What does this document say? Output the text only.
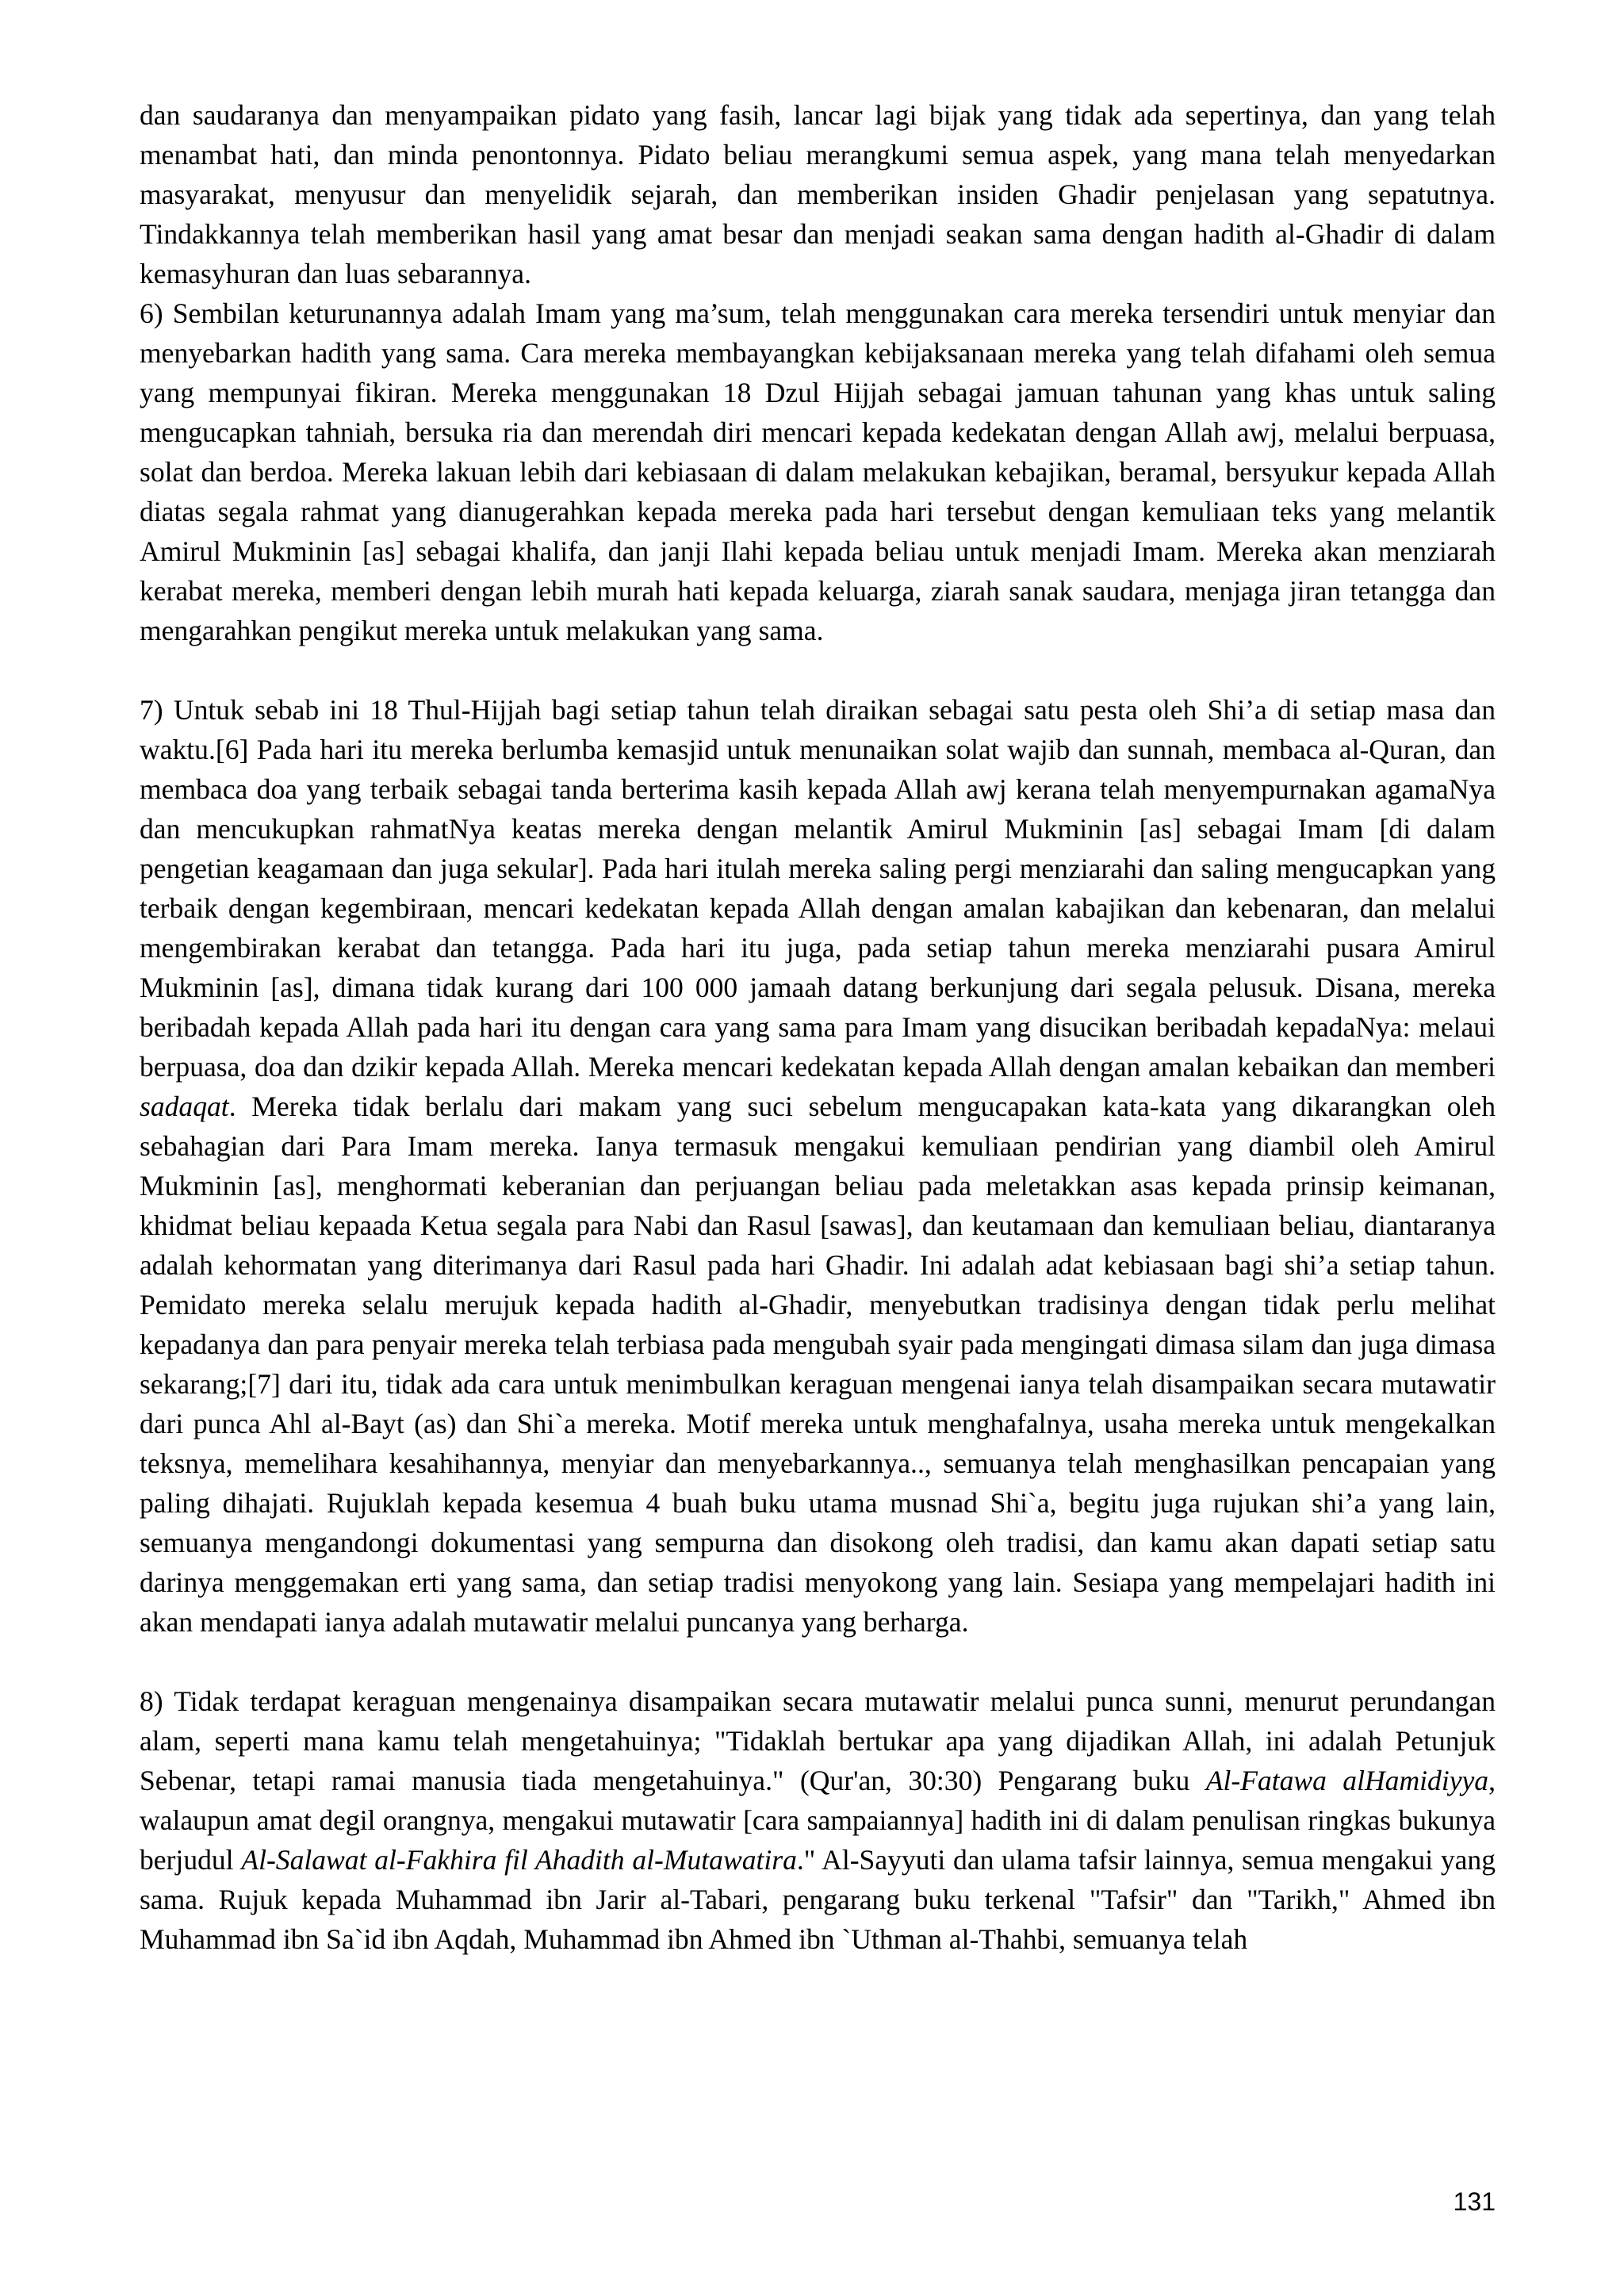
dan saudaranya dan menyampaikan pidato yang fasih, lancar lagi bijak yang tidak ada sepertinya, dan yang telah menambat hati, dan minda penontonnya. Pidato beliau merangkumi semua aspek, yang mana telah menyedarkan masyarakat, menyusur dan menyelidik sejarah, dan memberikan insiden Ghadir penjelasan yang sepatutnya. Tindakkannya telah memberikan hasil yang amat besar dan menjadi seakan sama dengan hadith al-Ghadir di dalam kemasyhuran dan luas sebarannya.

6) Sembilan keturunannya adalah Imam yang ma’sum, telah menggunakan cara mereka tersendiri untuk menyiar dan menyebarkan hadith yang sama. Cara mereka membayangkan kebijaksanaan mereka yang telah difahami oleh semua yang mempunyai fikiran. Mereka menggunakan 18 Dzul Hijjah sebagai jamuan tahunan yang khas untuk saling mengucapkan tahniah, bersuka ria dan merendah diri mencari kepada kedekatan dengan Allah awj, melalui berpuasa, solat dan berdoa. Mereka lakuan lebih dari kebiasaan di dalam melakukan kebajikan, beramal, bersyukur kepada Allah diatas segala rahmat yang dianugerahkan kepada mereka pada hari tersebut dengan kemuliaan teks yang melantik Amirul Mukminin [as] sebagai khalifa, dan janji Ilahi kepada beliau untuk menjadi Imam. Mereka akan menziarah kerabat mereka, memberi dengan lebih murah hati kepada keluarga, ziarah sanak saudara, menjaga jiran tetangga dan mengarahkan pengikut mereka untuk melakukan yang sama.

7) Untuk sebab ini 18 Thul-Hijjah bagi setiap tahun telah diraikan sebagai satu pesta oleh Shi’a di setiap masa dan waktu.[6] Pada hari itu mereka berlumba kemasjid untuk menunaikan solat wajib dan sunnah, membaca al-Quran, dan membaca doa yang terbaik sebagai tanda berterima kasih kepada Allah awj kerana telah menyempurnakan agamaNya dan mencukupkan rahmatNya keatas mereka dengan melantik Amirul Mukminin [as] sebagai Imam [di dalam pengetian keagamaan dan juga sekular]. Pada hari itulah mereka saling pergi menziarahi dan saling mengucapkan yang terbaik dengan kegembiraan, mencari kedekatan kepada Allah dengan amalan kabajikan dan kebenaran, dan melalui mengembirakan kerabat dan tetangga. Pada hari itu juga, pada setiap tahun mereka menziarahi pusara Amirul Mukminin [as], dimana tidak kurang dari 100 000 jamaah datang berkunjung dari segala pelusuk. Disana, mereka beribadah kepada Allah pada hari itu dengan cara yang sama para Imam yang disucikan beribadah kepadaNya: melaui berpuasa, doa dan dzikir kepada Allah. Mereka mencari kedekatan kepada Allah dengan amalan kebaikan dan memberi sadaqat. Mereka tidak berlalu dari makam yang suci sebelum mengucapakan kata-kata yang dikarangkan oleh sebahagian dari Para Imam mereka. Ianya termasuk mengakui kemuliaan pendirian yang diambil oleh Amirul Mukminin [as], menghormati keberanian dan perjuangan beliau pada meletakkan asas kepada prinsip keimanan, khidmat beliau kepaada Ketua segala para Nabi dan Rasul [sawas], dan keutamaan dan kemuliaan beliau, diantaranya adalah kehormatan yang diterimanya dari Rasul pada hari Ghadir. Ini adalah adat kebiasaan bagi shi’a setiap tahun. Pemidato mereka selalu merujuk kepada hadith al-Ghadir, menyebutkan tradisinya dengan tidak perlu melihat kepadanya dan para penyair mereka telah terbiasa pada mengubah syair pada mengingati dimasa silam dan juga dimasa sekarang;[7] dari itu, tidak ada cara untuk menimbulkan keraguan mengenai ianya telah disampaikan secara mutawatir dari punca Ahl al-Bayt (as) dan Shi`a mereka. Motif mereka untuk menghafalnya, usaha mereka untuk mengekalkan teksnya, memelihara kesahihannya, menyiar dan menyebarkannya.., semuanya telah menghasilkan pencapaian yang paling dihajati. Rujuklah kepada kesemua 4 buah buku utama musnad Shi`a, begitu juga rujukan shi’a yang lain, semuanya mengandongi dokumentasi yang sempurna dan disokong oleh tradisi, dan kamu akan dapati setiap satu darinya menggemakan erti yang sama, dan setiap tradisi menyokong yang lain. Sesiapa yang mempelajari hadith ini akan mendapati ianya adalah mutawatir melalui puncanya yang berharga.

8) Tidak terdapat keraguan mengenainya disampaikan secara mutawatir melalui punca sunni, menurut perundangan alam, seperti mana kamu telah mengetahuinya; "Tidaklah bertukar apa yang dijadikan Allah, ini adalah Petunjuk Sebenar, tetapi ramai manusia tiada mengetahuinya." (Qur'an, 30:30) Pengarang buku Al-Fatawa alHamidiyya, walaupun amat degil orangnya, mengakui mutawatir [cara sampaiannya] hadith ini di dalam penulisan ringkas bukunya berjudul Al-Salawat al-Fakhira fil Ahadith al-Mutawatira." Al-Sayyuti dan ulama tafsir lainnya, semua mengakui yang sama. Rujuk kepada Muhammad ibn Jarir al-Tabari, pengarang buku terkenal "Tafsir" dan "Tarikh," Ahmed ibn Muhammad ibn Sa`id ibn Aqdah, Muhammad ibn Ahmed ibn `Uthman al-Thahbi, semuanya telah

131
